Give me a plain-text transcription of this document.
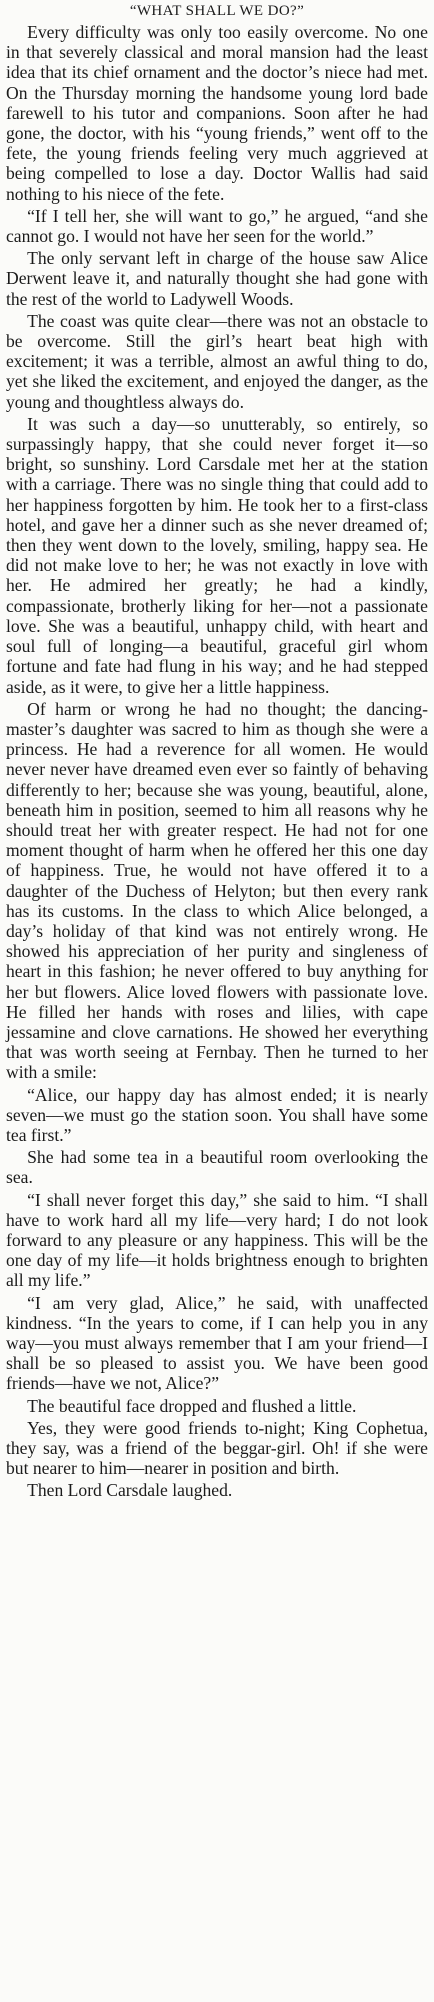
“WHAT SHALL WE DO?”

Every difficulty was only too easily overcome. No one in that severely classical and moral mansion had the least idea that its chief ornament and the doctor’s niece had met. On the Thursday morning the handsome young lord bade farewell to his tutor and companions. Soon after he had gone, the doctor, with his “young friends,” went off to the fete, the young friends feeling very much aggrieved at being compelled to lose a day. Doctor Wallis had said nothing to his niece of the fete.

“If I tell her, she will want to go,” he argued, “and she cannot go. I would not have her seen for the world.”

The only servant left in charge of the house saw Alice Derwent leave it, and naturally thought she had gone with the rest of the world to Ladywell Woods.

The coast was quite clear—there was not an obstacle to be overcome. Still the girl’s heart beat high with excitement; it was a terrible, almost an awful thing to do, yet she liked the excitement, and enjoyed the danger, as the young and thoughtless always do.

It was such a day—so unutterably, so entirely, so surpassingly happy, that she could never forget it—so bright, so sunshiny. Lord Carsdale met her at the station with a carriage. There was no single thing that could add to her happiness forgotten by him. He took her to a first-class hotel, and gave her a dinner such as she never dreamed of; then they went down to the lovely, smiling, happy sea. He did not make love to her; he was not exactly in love with her. He admired her greatly; he had a kindly, compassionate, brotherly liking for her—not a passionate love. She was a beautiful, unhappy child, with heart and soul full of longing—a beautiful, graceful girl whom fortune and fate had flung in his way; and he had stepped aside, as it were, to give her a little happiness.

Of harm or wrong he had no thought; the dancing-master’s daughter was sacred to him as though she were a princess. He had a reverence for all women. He would never never have dreamed even ever so faintly of behaving differently to her; because she was young, beautiful, alone, beneath him in position, seemed to him all reasons why he should treat her with greater respect. He had not for one moment thought of harm when he offered her this one day of happiness. True, he would not have offered it to a daughter of the Duchess of Helyton; but then every rank has its customs. In the class to which Alice belonged, a day’s holiday of that kind was not entirely wrong. He showed his appreciation of her purity and singleness of heart in this fashion; he never offered to buy anything for her but flowers. Alice loved flowers with passionate love. He filled her hands with roses and lilies, with cape jessamine and clove carnations. He showed her everything that was worth seeing at Fernbay. Then he turned to her with a smile:

“Alice, our happy day has almost ended; it is nearly seven—we must go the station soon. You shall have some tea first.”

She had some tea in a beautiful room overlooking the sea.

“I shall never forget this day,” she said to him. “I shall have to work hard all my life—very hard; I do not look forward to any pleasure or any happiness. This will be the one day of my life—it holds brightness enough to brighten all my life.”

“I am very glad, Alice,” he said, with unaffected kindness. “In the years to come, if I can help you in any way—you must always remember that I am your friend—I shall be so pleased to assist you. We have been good friends—have we not, Alice?”

The beautiful face dropped and flushed a little.

Yes, they were good friends to-night; King Cophetua, they say, was a friend of the beggar-girl. Oh! if she were but nearer to him—nearer in position and birth.

Then Lord Carsdale laughed.
